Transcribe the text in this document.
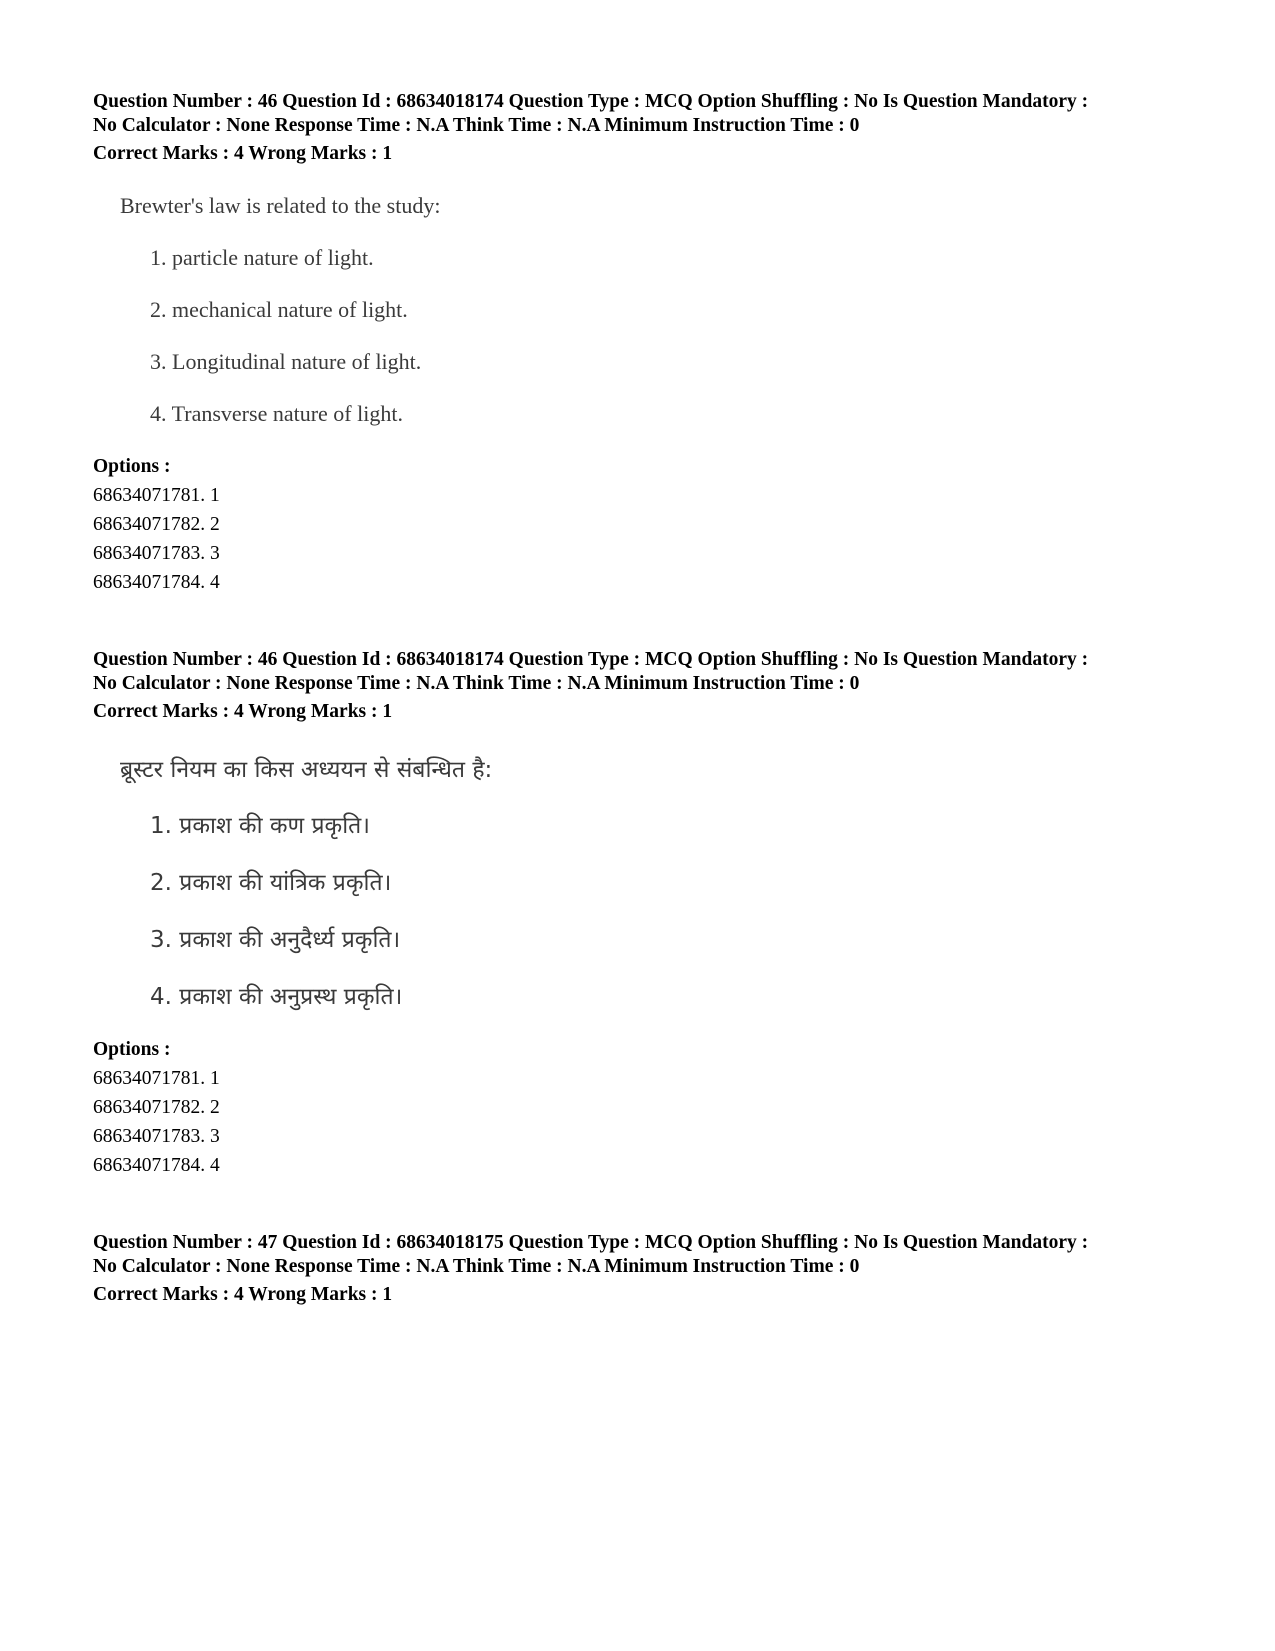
Question Number : 46 Question Id : 68634018174 Question Type : MCQ Option Shuffling : No Is Question Mandatory :

No Calculator : None Response Time : N.A Think Time : N.A Minimum Instruction Time : 0

Correct Marks : 4 Wrong Marks : 1

Brewter's law is related to the study:

1. particle nature of light.
2. mechanical nature of light.
3. Longitudinal nature of light.
4. Transverse nature of light.

Options :

68634071781. 1

68634071782. 2

68634071783. 3

68634071784. 4

Question Number : 46 Question Id : 68634018174 Question Type : MCQ Option Shuffling : No Is Question Mandatory :

No Calculator : None Response Time : N.A Think Time : N.A Minimum Instruction Time : 0

Correct Marks : 4 Wrong Marks : 1

ब्रूस्टर नियम का किस अध्ययन से संबन्धित है:

1. प्रकाश की कण प्रकृति।
2. प्रकाश की यांत्रिक प्रकृति।
3. प्रकाश की अनुदैर्ध्य प्रकृति।
4. प्रकाश की अनुप्रस्थ प्रकृति।

Options :

68634071781. 1

68634071782. 2

68634071783. 3

68634071784. 4

Question Number : 47 Question Id : 68634018175 Question Type : MCQ Option Shuffling : No Is Question Mandatory :

No Calculator : None Response Time : N.A Think Time : N.A Minimum Instruction Time : 0

Correct Marks : 4 Wrong Marks : 1
